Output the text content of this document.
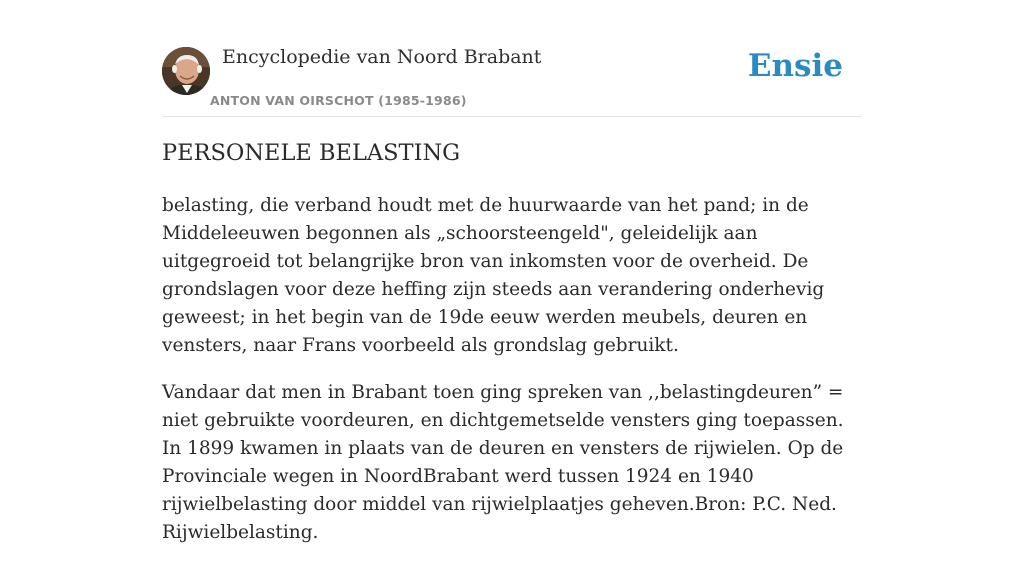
Encyclopedie van Noord Brabant
ANTON VAN OIRSCHOT (1985-1986)
Ensie
PERSONELE BELASTING

belasting, die verband houdt met de huurwaarde van het pand; in de Middeleeuwen begonnen als „schoorsteengeld", geleidelijk aan uitgegroeid tot belangrijke bron van inkomsten voor de overheid. De grondslagen voor deze heffing zijn steeds aan verandering onderhevig geweest; in het begin van de 19de eeuw werden meubels, deuren en vensters, naar Frans voorbeeld als grondslag gebruikt.

Vandaar dat men in Brabant toen ging spreken van ,,belastingdeuren” = niet gebruikte voordeuren, en dichtgemetselde vensters ging toepassen. In 1899 kwamen in plaats van de deuren en vensters de rijwielen. Op de Provinciale wegen in NoordBrabant werd tussen 1924 en 1940 rijwielbelasting door middel van rijwielplaatjes geheven.Bron: P.C. Ned. Rijwielbelasting.
